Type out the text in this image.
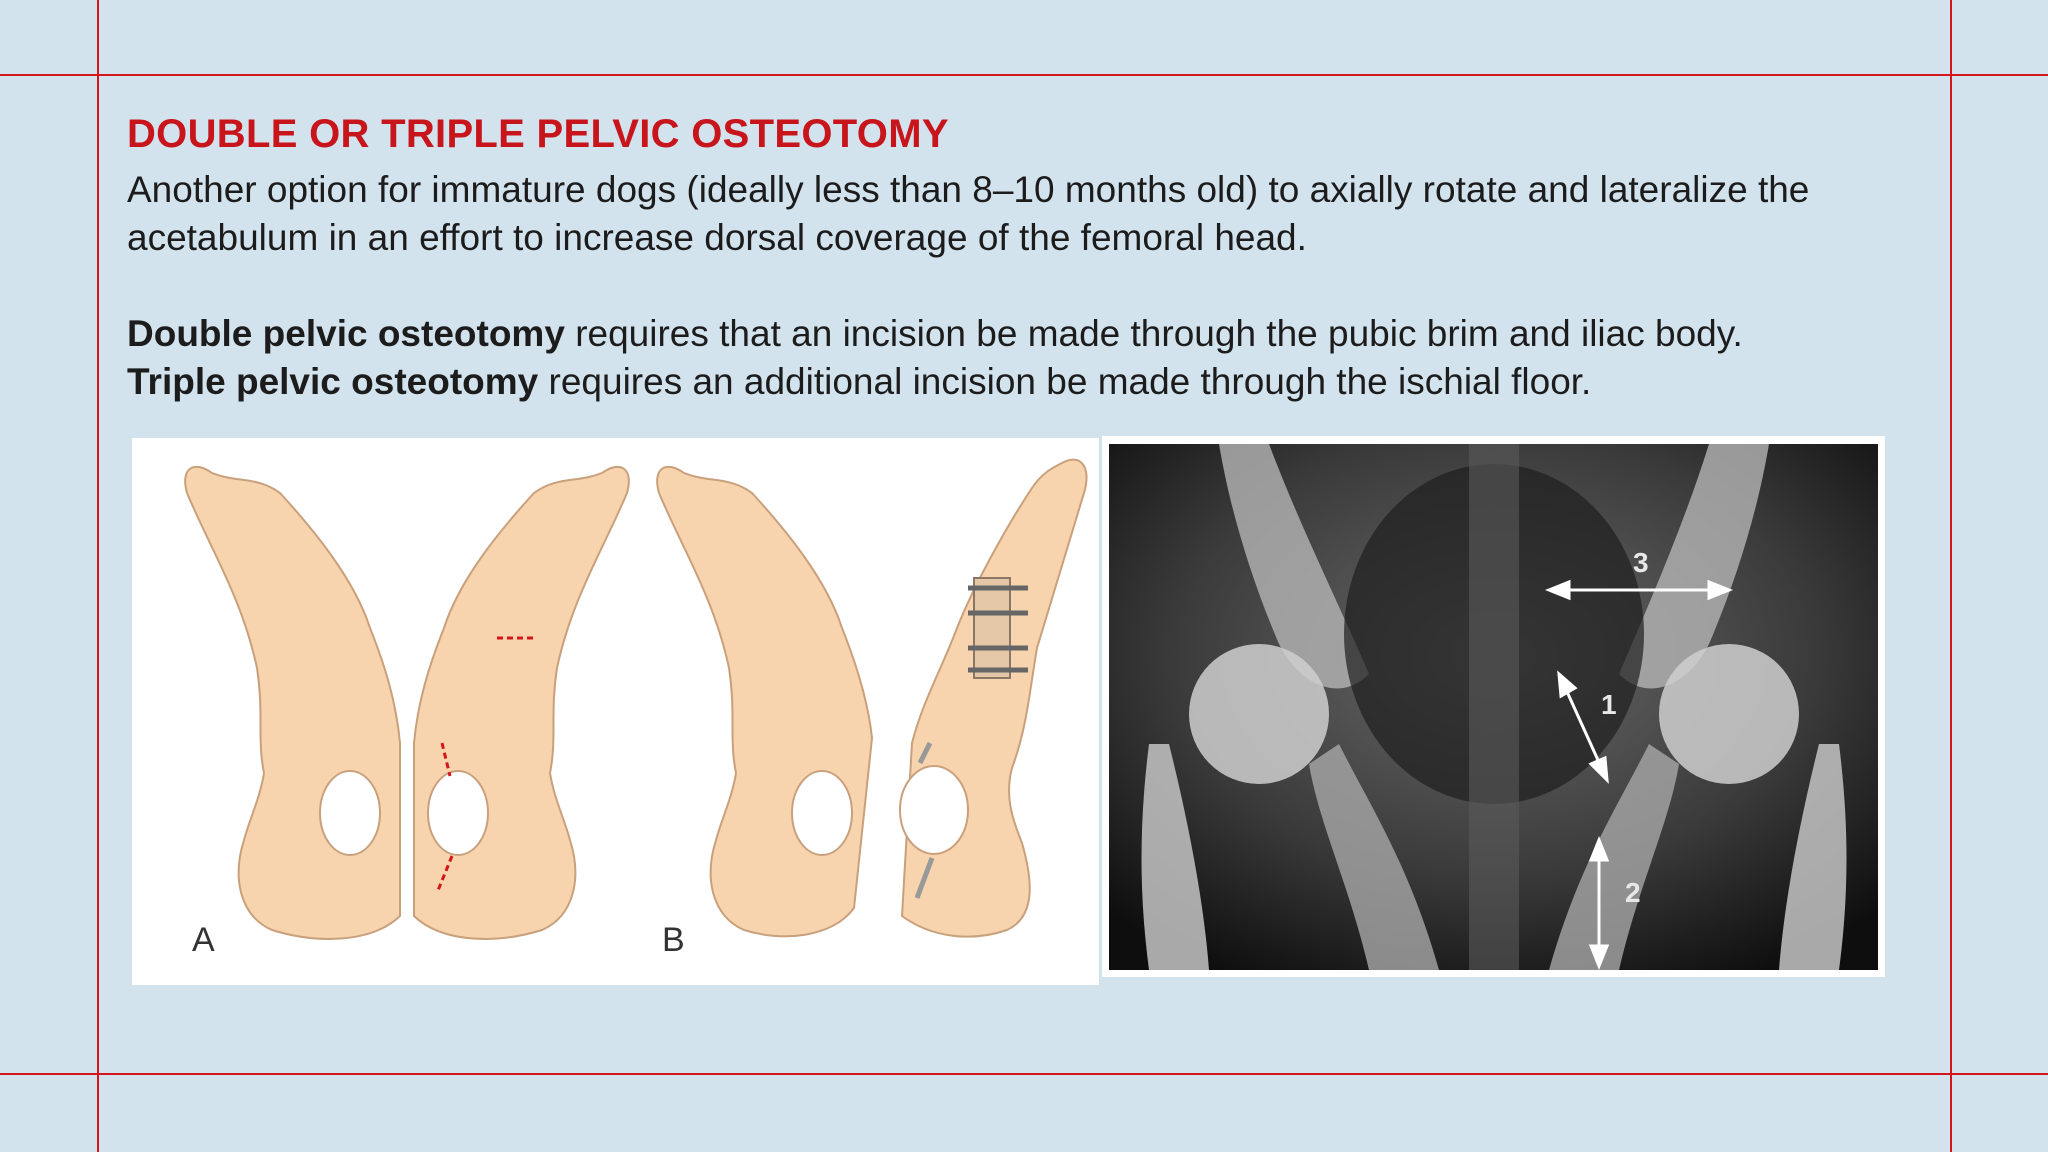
DOUBLE OR TRIPLE PELVIC OSTEOTOMY

Another option for immature dogs (ideally less than 8–10 months old) to axially rotate and lateralize the acetabulum in an effort to increase dorsal coverage of the femoral head.

Double pelvic osteotomy requires that an incision be made through the pubic brim and iliac body.
Triple pelvic osteotomy requires an additional incision be made through the ischial floor.
A	B
3
1
2
